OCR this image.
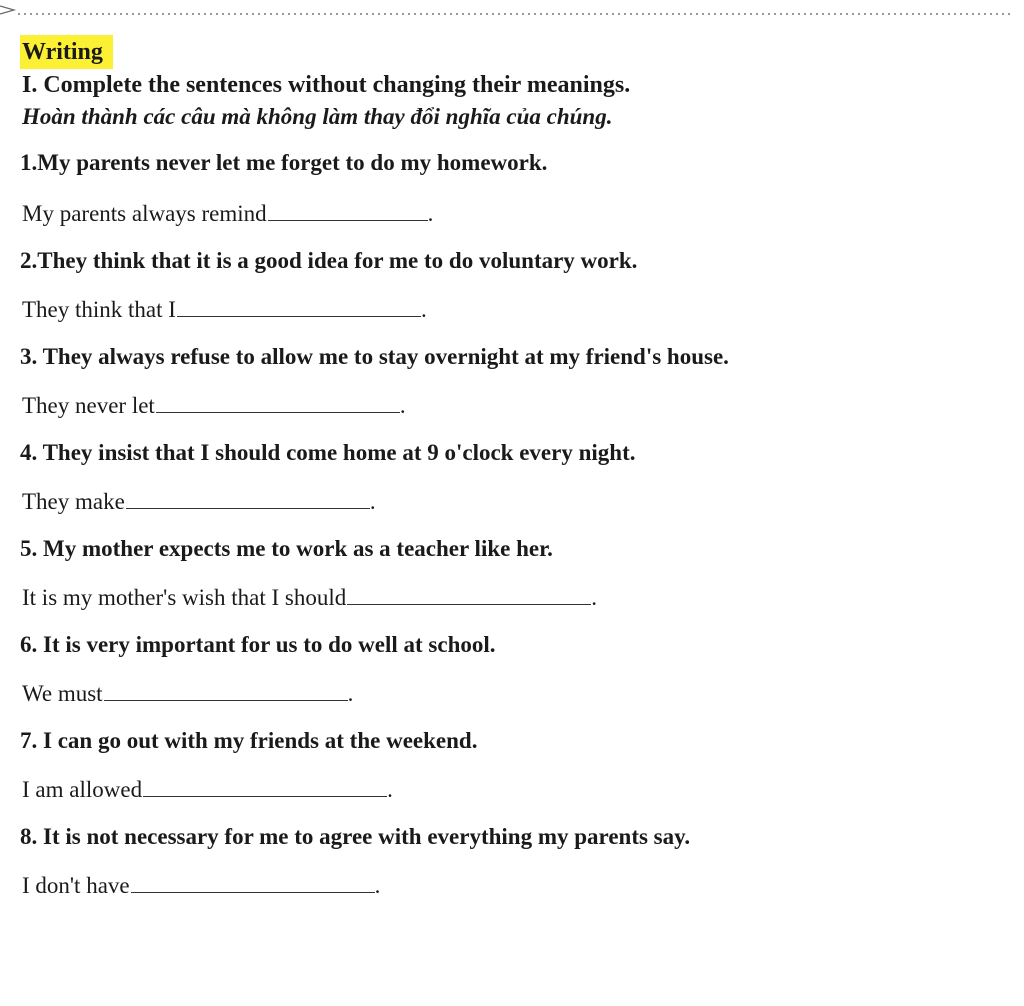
Writing
I. Complete the sentences without changing their meanings.
Hoàn thành các câu mà không làm thay đổi nghĩa của chúng.
1.My parents never let me forget to do my homework.
My parents always remind	.
2.They think that it is a good idea for me to do voluntary work.
They think that I	.
3. They always refuse to allow me to stay overnight at my friend's house.
They never let	.
4. They insist that I should come home at 9 o'clock every night.
They make	.
5. My mother expects me to work as a teacher like her.
It is my mother's wish that I should	.
6. It is very important for us to do well at school.
We must	.
7. I can go out with my friends at the weekend.
I am allowed	.
8. It is not necessary for me to agree with everything my parents say.
I don't have	.
